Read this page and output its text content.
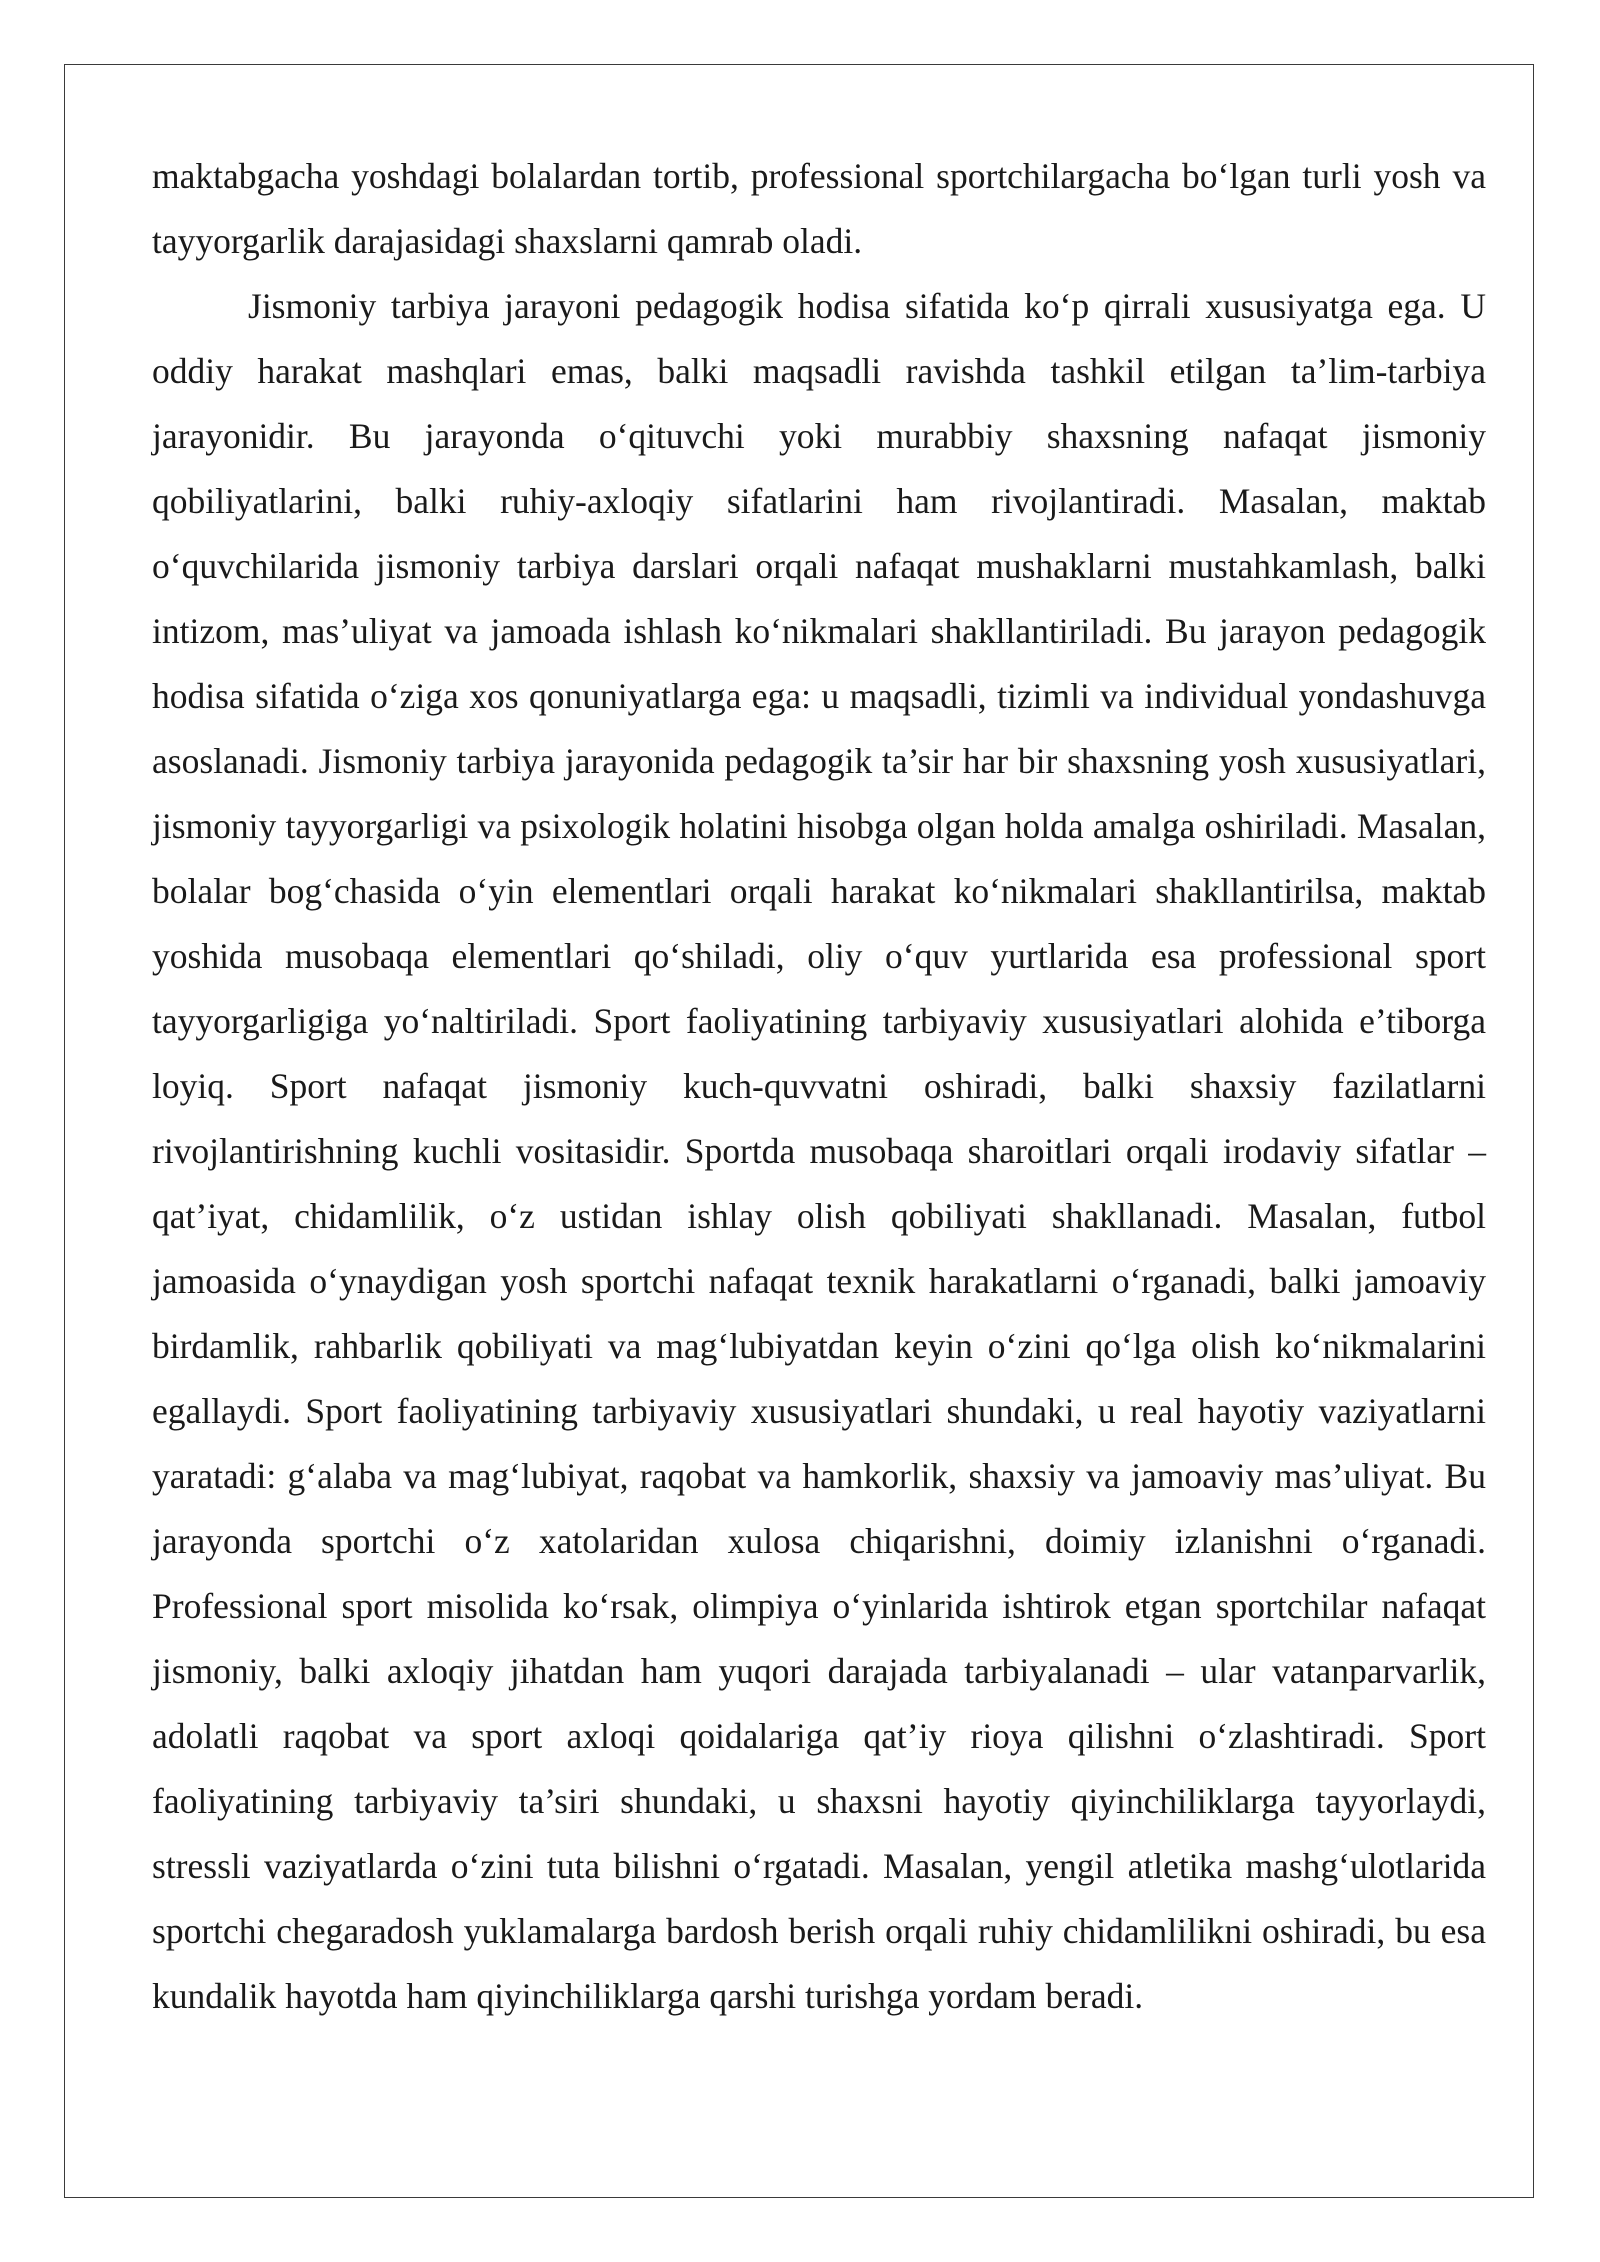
maktabgacha yoshdagi bolalardan tortib, professional sportchilargacha bo‘lgan turli yosh va tayyorgarlik darajasidagi shaxslarni qamrab oladi.

Jismoniy tarbiya jarayoni pedagogik hodisa sifatida ko‘p qirrali xususiyatga ega. U oddiy harakat mashqlari emas, balki maqsadli ravishda tashkil etilgan ta’lim-tarbiya jarayonidir. Bu jarayonda o‘qituvchi yoki murabbiy shaxsning nafaqat jismoniy qobiliyatlarini, balki ruhiy-axloqiy sifatlarini ham rivojlantiradi. Masalan, maktab o‘quvchilarida jismoniy tarbiya darslari orqali nafaqat mushaklarni mustahkamlash, balki intizom, mas’uliyat va jamoada ishlash ko‘nikmalari shakllantiriladi. Bu jarayon pedagogik hodisa sifatida o‘ziga xos qonuniyatlarga ega: u maqsadli, tizimli va individual yondashuvga asoslanadi. Jismoniy tarbiya jarayonida pedagogik ta’sir har bir shaxsning yosh xususiyatlari, jismoniy tayyorgarligi va psixologik holatini hisobga olgan holda amalga oshiriladi. Masalan, bolalar bog‘chasida o‘yin elementlari orqali harakat ko‘nikmalari shakllantirilsa, maktab yoshida musobaqa elementlari qo‘shiladi, oliy o‘quv yurtlarida esa professional sport tayyorgarligiga yo‘naltiriladi. Sport faoliyatining tarbiyaviy xususiyatlari alohida e’tiborga loyiq. Sport nafaqat jismoniy kuch-quvvatni oshiradi, balki shaxsiy fazilatlarni rivojlantirishning kuchli vositasidir. Sportda musobaqa sharoitlari orqali irodaviy sifatlar – qat’iyat, chidamlilik, o‘z ustidan ishlay olish qobiliyati shakllanadi. Masalan, futbol jamoasida o‘ynaydigan yosh sportchi nafaqat texnik harakatlarni o‘rganadi, balki jamoaviy birdamlik, rahbarlik qobiliyati va mag‘lubiyatdan keyin o‘zini qo‘lga olish ko‘nikmalarini egallaydi. Sport faoliyatining tarbiyaviy xususiyatlari shundaki, u real hayotiy vaziyatlarni yaratadi: g‘alaba va mag‘lubiyat, raqobat va hamkorlik, shaxsiy va jamoaviy mas’uliyat. Bu jarayonda sportchi o‘z xatolaridan xulosa chiqarishni, doimiy izlanishni o‘rganadi. Professional sport misolida ko‘rsak, olimpiya o‘yinlarida ishtirok etgan sportchilar nafaqat jismoniy, balki axloqiy jihatdan ham yuqori darajada tarbiyalanadi – ular vatanparvarlik, adolatli raqobat va sport axloqi qoidalariga qat’iy rioya qilishni o‘zlashtiradi. Sport faoliyatining tarbiyaviy ta’siri shundaki, u shaxsni hayotiy qiyinchiliklarga tayyorlaydi, stressli vaziyatlarda o‘zini tuta bilishni o‘rgatadi. Masalan, yengil atletika mashg‘ulotlarida sportchi chegaradosh yuklamalarga bardosh berish orqali ruhiy chidamlilikni oshiradi, bu esa kundalik hayotda ham qiyinchiliklarga qarshi turishga yordam beradi.
